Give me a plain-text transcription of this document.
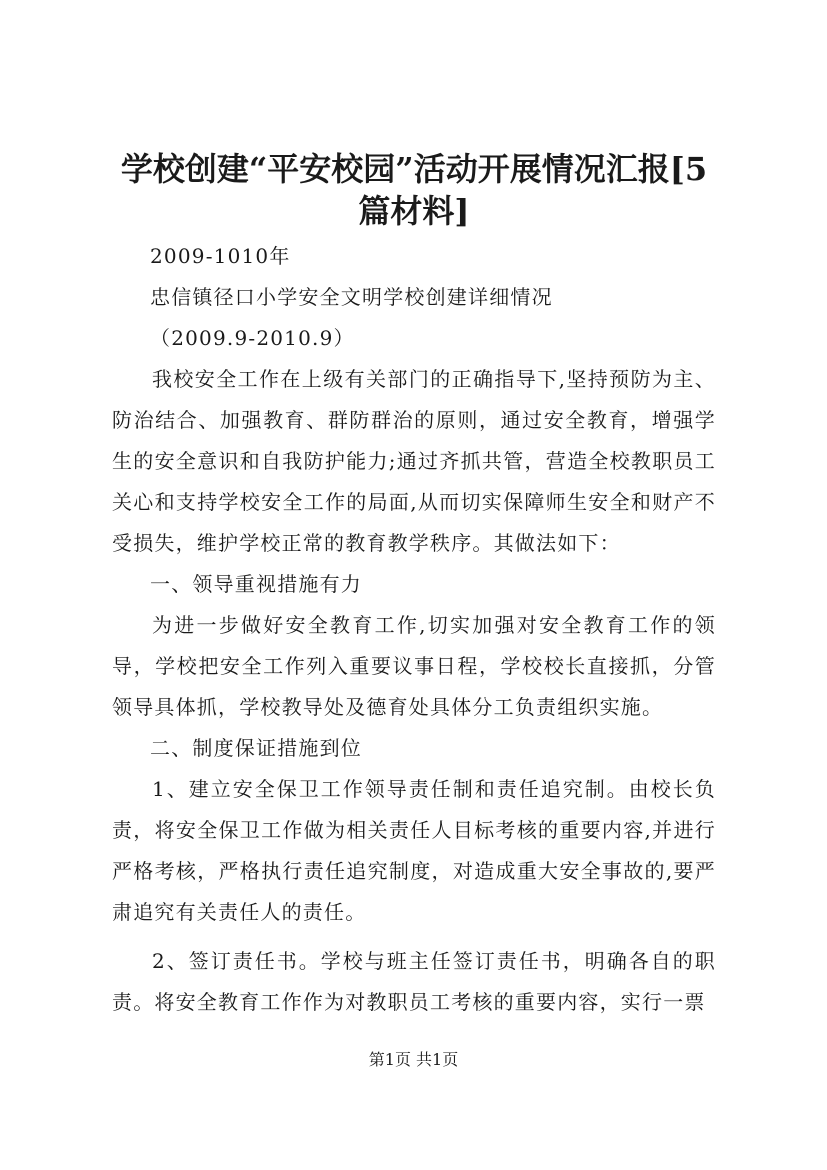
学校创建“平安校园”活动开展情况汇报[5篇材料]

2009-1010年

忠信镇径口小学安全文明学校创建详细情况

（2009.9-2010.9）

我校安全工作在上级有关部门的正确指导下,坚持预防为主、防治结合、加强教育、群防群治的原则，通过安全教育，增强学生的安全意识和自我防护能力;通过齐抓共管，营造全校教职员工关心和支持学校安全工作的局面,从而切实保障师生安全和财产不受损失，维护学校正常的教育教学秩序。其做法如下：

一、领导重视措施有力

为进一步做好安全教育工作,切实加强对安全教育工作的领导，学校把安全工作列入重要议事日程，学校校长直接抓，分管领导具体抓，学校教导处及德育处具体分工负责组织实施。

二、制度保证措施到位

1、建立安全保卫工作领导责任制和责任追究制。由校长负责，将安全保卫工作做为相关责任人目标考核的重要内容,并进行严格考核，严格执行责任追究制度，对造成重大安全事故的,要严肃追究有关责任人的责任。

2、签订责任书。学校与班主任签订责任书，明确各自的职责。将安全教育工作作为对教职员工考核的重要内容，实行一票

第1页 共1页
